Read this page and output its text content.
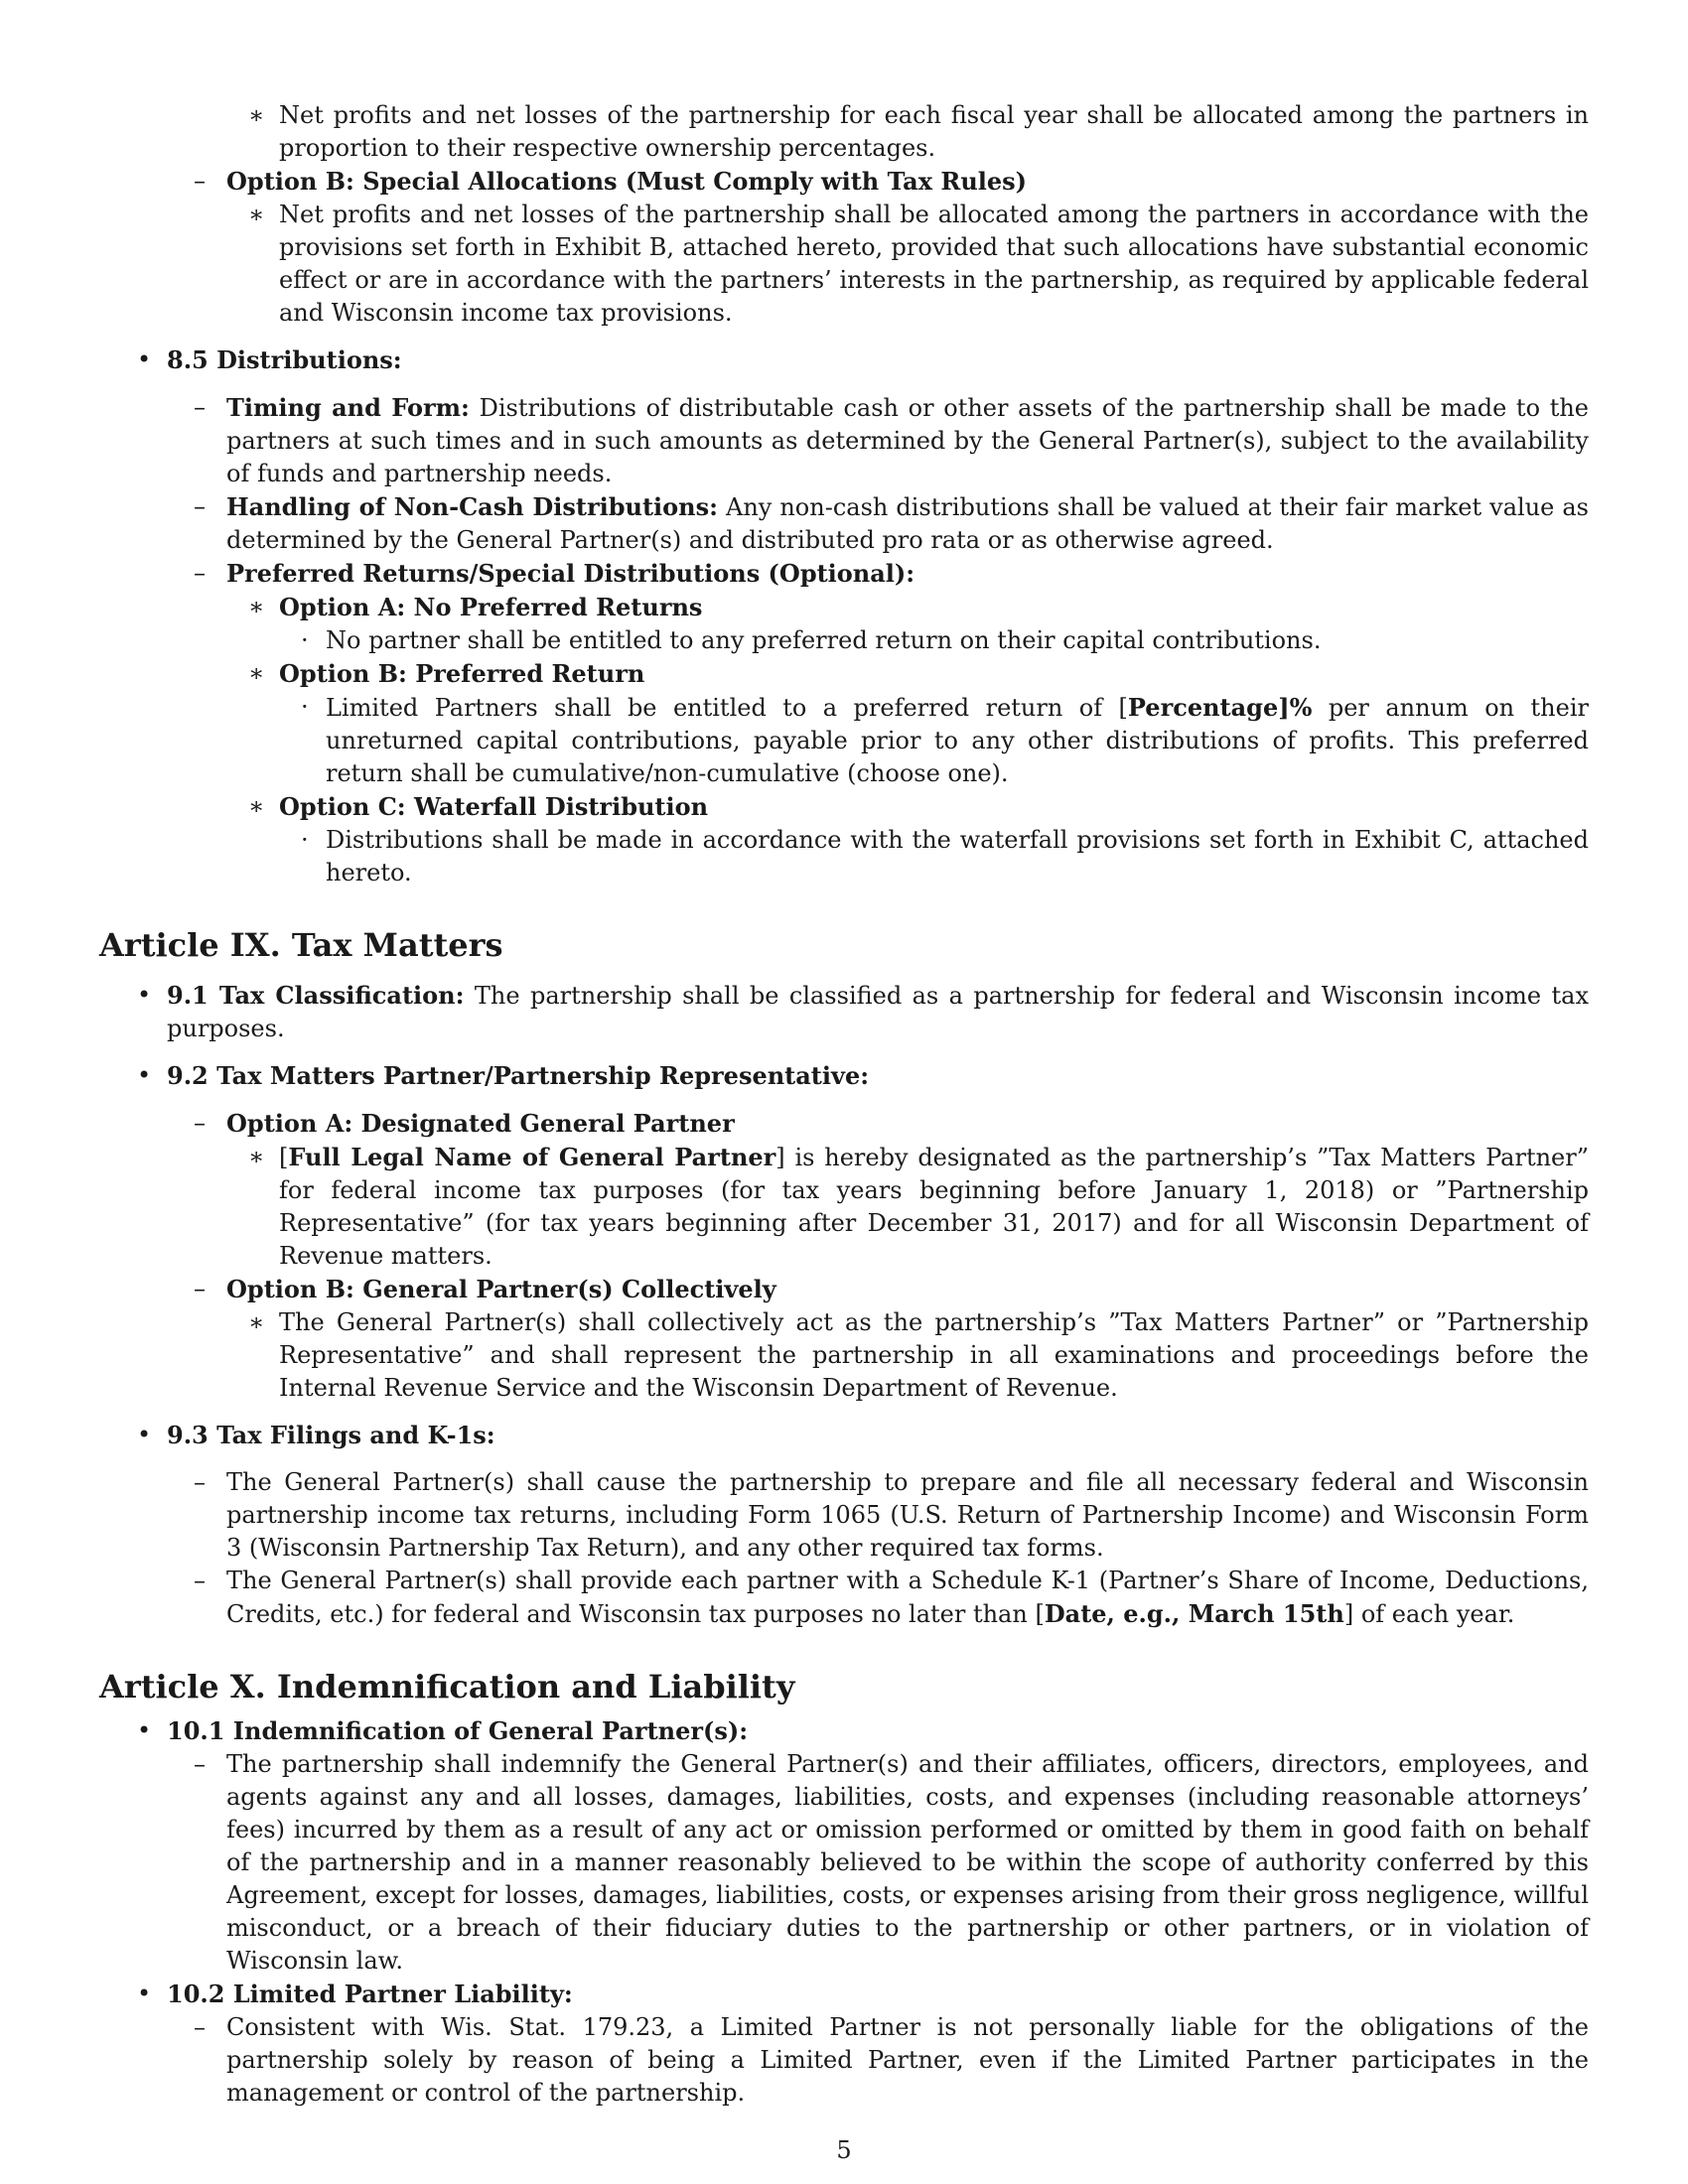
∗ Net profits and net losses of the partnership for each fiscal year shall be allocated among the partners in proportion to their respective ownership percentages.
– Option B: Special Allocations (Must Comply with Tax Rules)
∗ Net profits and net losses of the partnership shall be allocated among the partners in accordance with the provisions set forth in Exhibit B, attached hereto, provided that such allocations have substantial economic effect or are in accordance with the partners’ interests in the partnership, as required by applicable federal and Wisconsin income tax provisions.
• 8.5 Distributions:
– Timing and Form: Distributions of distributable cash or other assets of the partnership shall be made to the partners at such times and in such amounts as determined by the General Partner(s), subject to the availability of funds and partnership needs.
– Handling of Non-Cash Distributions: Any non-cash distributions shall be valued at their fair market value as determined by the General Partner(s) and distributed pro rata or as otherwise agreed.
– Preferred Returns/Special Distributions (Optional):
∗ Option A: No Preferred Returns
· No partner shall be entitled to any preferred return on their capital contributions.
∗ Option B: Preferred Return
· Limited Partners shall be entitled to a preferred return of [Percentage]% per annum on their unreturned capital contributions, payable prior to any other distributions of profits. This preferred return shall be cumulative/non-cumulative (choose one).
∗ Option C: Waterfall Distribution
· Distributions shall be made in accordance with the waterfall provisions set forth in Exhibit C, attached hereto.
Article IX. Tax Matters
• 9.1 Tax Classification: The partnership shall be classified as a partnership for federal and Wisconsin income tax purposes.
• 9.2 Tax Matters Partner/Partnership Representative:
– Option A: Designated General Partner
∗ [Full Legal Name of General Partner] is hereby designated as the partnership’s ”Tax Matters Partner” for federal income tax purposes (for tax years beginning before January 1, 2018) or ”Partnership Representative” (for tax years beginning after December 31, 2017) and for all Wisconsin Department of Revenue matters.
– Option B: General Partner(s) Collectively
∗ The General Partner(s) shall collectively act as the partnership’s ”Tax Matters Partner” or ”Partnership Representative” and shall represent the partnership in all examinations and proceedings before the Internal Revenue Service and the Wisconsin Department of Revenue.
• 9.3 Tax Filings and K-1s:
– The General Partner(s) shall cause the partnership to prepare and file all necessary federal and Wisconsin partnership income tax returns, including Form 1065 (U.S. Return of Partnership Income) and Wisconsin Form 3 (Wisconsin Partnership Tax Return), and any other required tax forms.
– The General Partner(s) shall provide each partner with a Schedule K-1 (Partner’s Share of Income, Deductions, Credits, etc.) for federal and Wisconsin tax purposes no later than [Date, e.g., March 15th] of each year.
Article X. Indemnification and Liability
• 10.1 Indemnification of General Partner(s):
– The partnership shall indemnify the General Partner(s) and their affiliates, officers, directors, employees, and agents against any and all losses, damages, liabilities, costs, and expenses (including reasonable attorneys’ fees) incurred by them as a result of any act or omission performed or omitted by them in good faith on behalf of the partnership and in a manner reasonably believed to be within the scope of authority conferred by this Agreement, except for losses, damages, liabilities, costs, or expenses arising from their gross negligence, willful misconduct, or a breach of their fiduciary duties to the partnership or other partners, or in violation of Wisconsin law.
• 10.2 Limited Partner Liability:
– Consistent with Wis. Stat. 179.23, a Limited Partner is not personally liable for the obligations of the partnership solely by reason of being a Limited Partner, even if the Limited Partner participates in the management or control of the partnership.
5
